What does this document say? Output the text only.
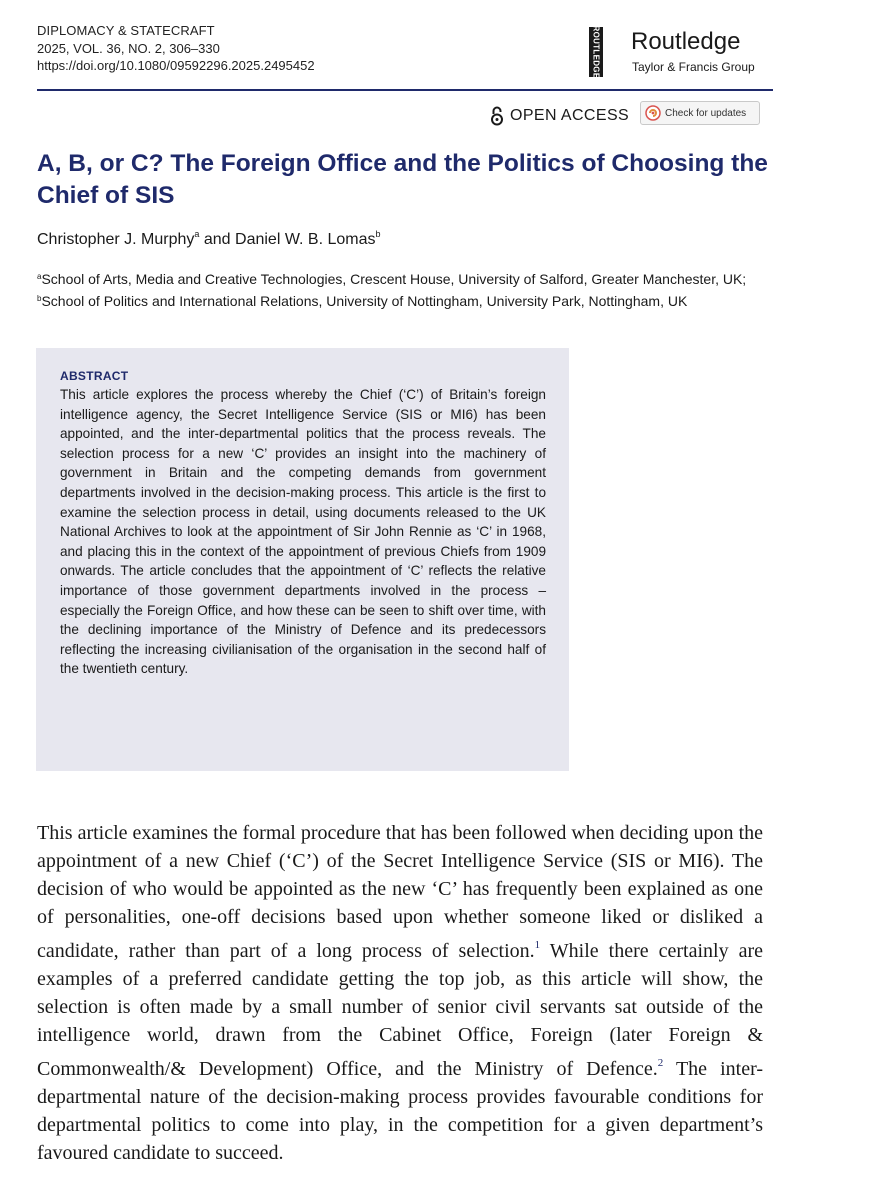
DIPLOMACY & STATECRAFT
2025, VOL. 36, NO. 2, 306–330
https://doi.org/10.1080/09592296.2025.2495452	ROUTLEDGE Routledge
Taylor & Francis Group
OPEN ACCESS	Check for updates
A, B, or C? The Foreign Office and the Politics of Choosing the Chief of SIS
Christopher J. Murphy$^a$ and Daniel W. B. Lomas$^b$

$^a$School of Arts, Media and Creative Technologies, Crescent House, University of Salford, Greater Manchester, UK; $^b$School of Politics and International Relations, University of Nottingham, University Park, Nottingham, UK

ABSTRACT

This article explores the process whereby the Chief (‘C’) of Britain’s foreign intelligence agency, the Secret Intelligence Service (SIS or MI6) has been appointed, and the inter-departmental politics that the process reveals. The selection process for a new ‘C’ provides an insight into the machinery of government in Britain and the competing demands from government departments involved in the decision-making process. This article is the first to examine the selection process in detail, using documents released to the UK National Archives to look at the appointment of Sir John Rennie as ‘C’ in 1968, and placing this in the context of the appointment of previous Chiefs from 1909 onwards. The article concludes that the appointment of ‘C’ reflects the relative importance of those government departments involved in the process – especially the Foreign Office, and how these can be seen to shift over time, with the declining importance of the Ministry of Defence and its predecessors reflecting the increasing civilianisation of the organisation in the second half of the twentieth century.

This article examines the formal procedure that has been followed when deciding upon the appointment of a new Chief (‘C’) of the Secret Intelligence Service (SIS or MI6). The decision of who would be appointed as the new ‘C’ has frequently been explained as one of personalities, one-off decisions based upon whether someone liked or disliked a candidate, rather than part of a long process of selection.$^1$ While there certainly are examples of a preferred candidate getting the top job, as this article will show, the selection is often made by a small number of senior civil servants sat outside of the intelligence world, drawn from the Cabinet Office, Foreign (later Foreign & Commonwealth/& Development) Office, and the Ministry of Defence.$^2$ The inter-departmental nature of the decision-making process provides favourable conditions for departmental politics to come into play, in the competition for a given department’s favoured candidate to succeed.
